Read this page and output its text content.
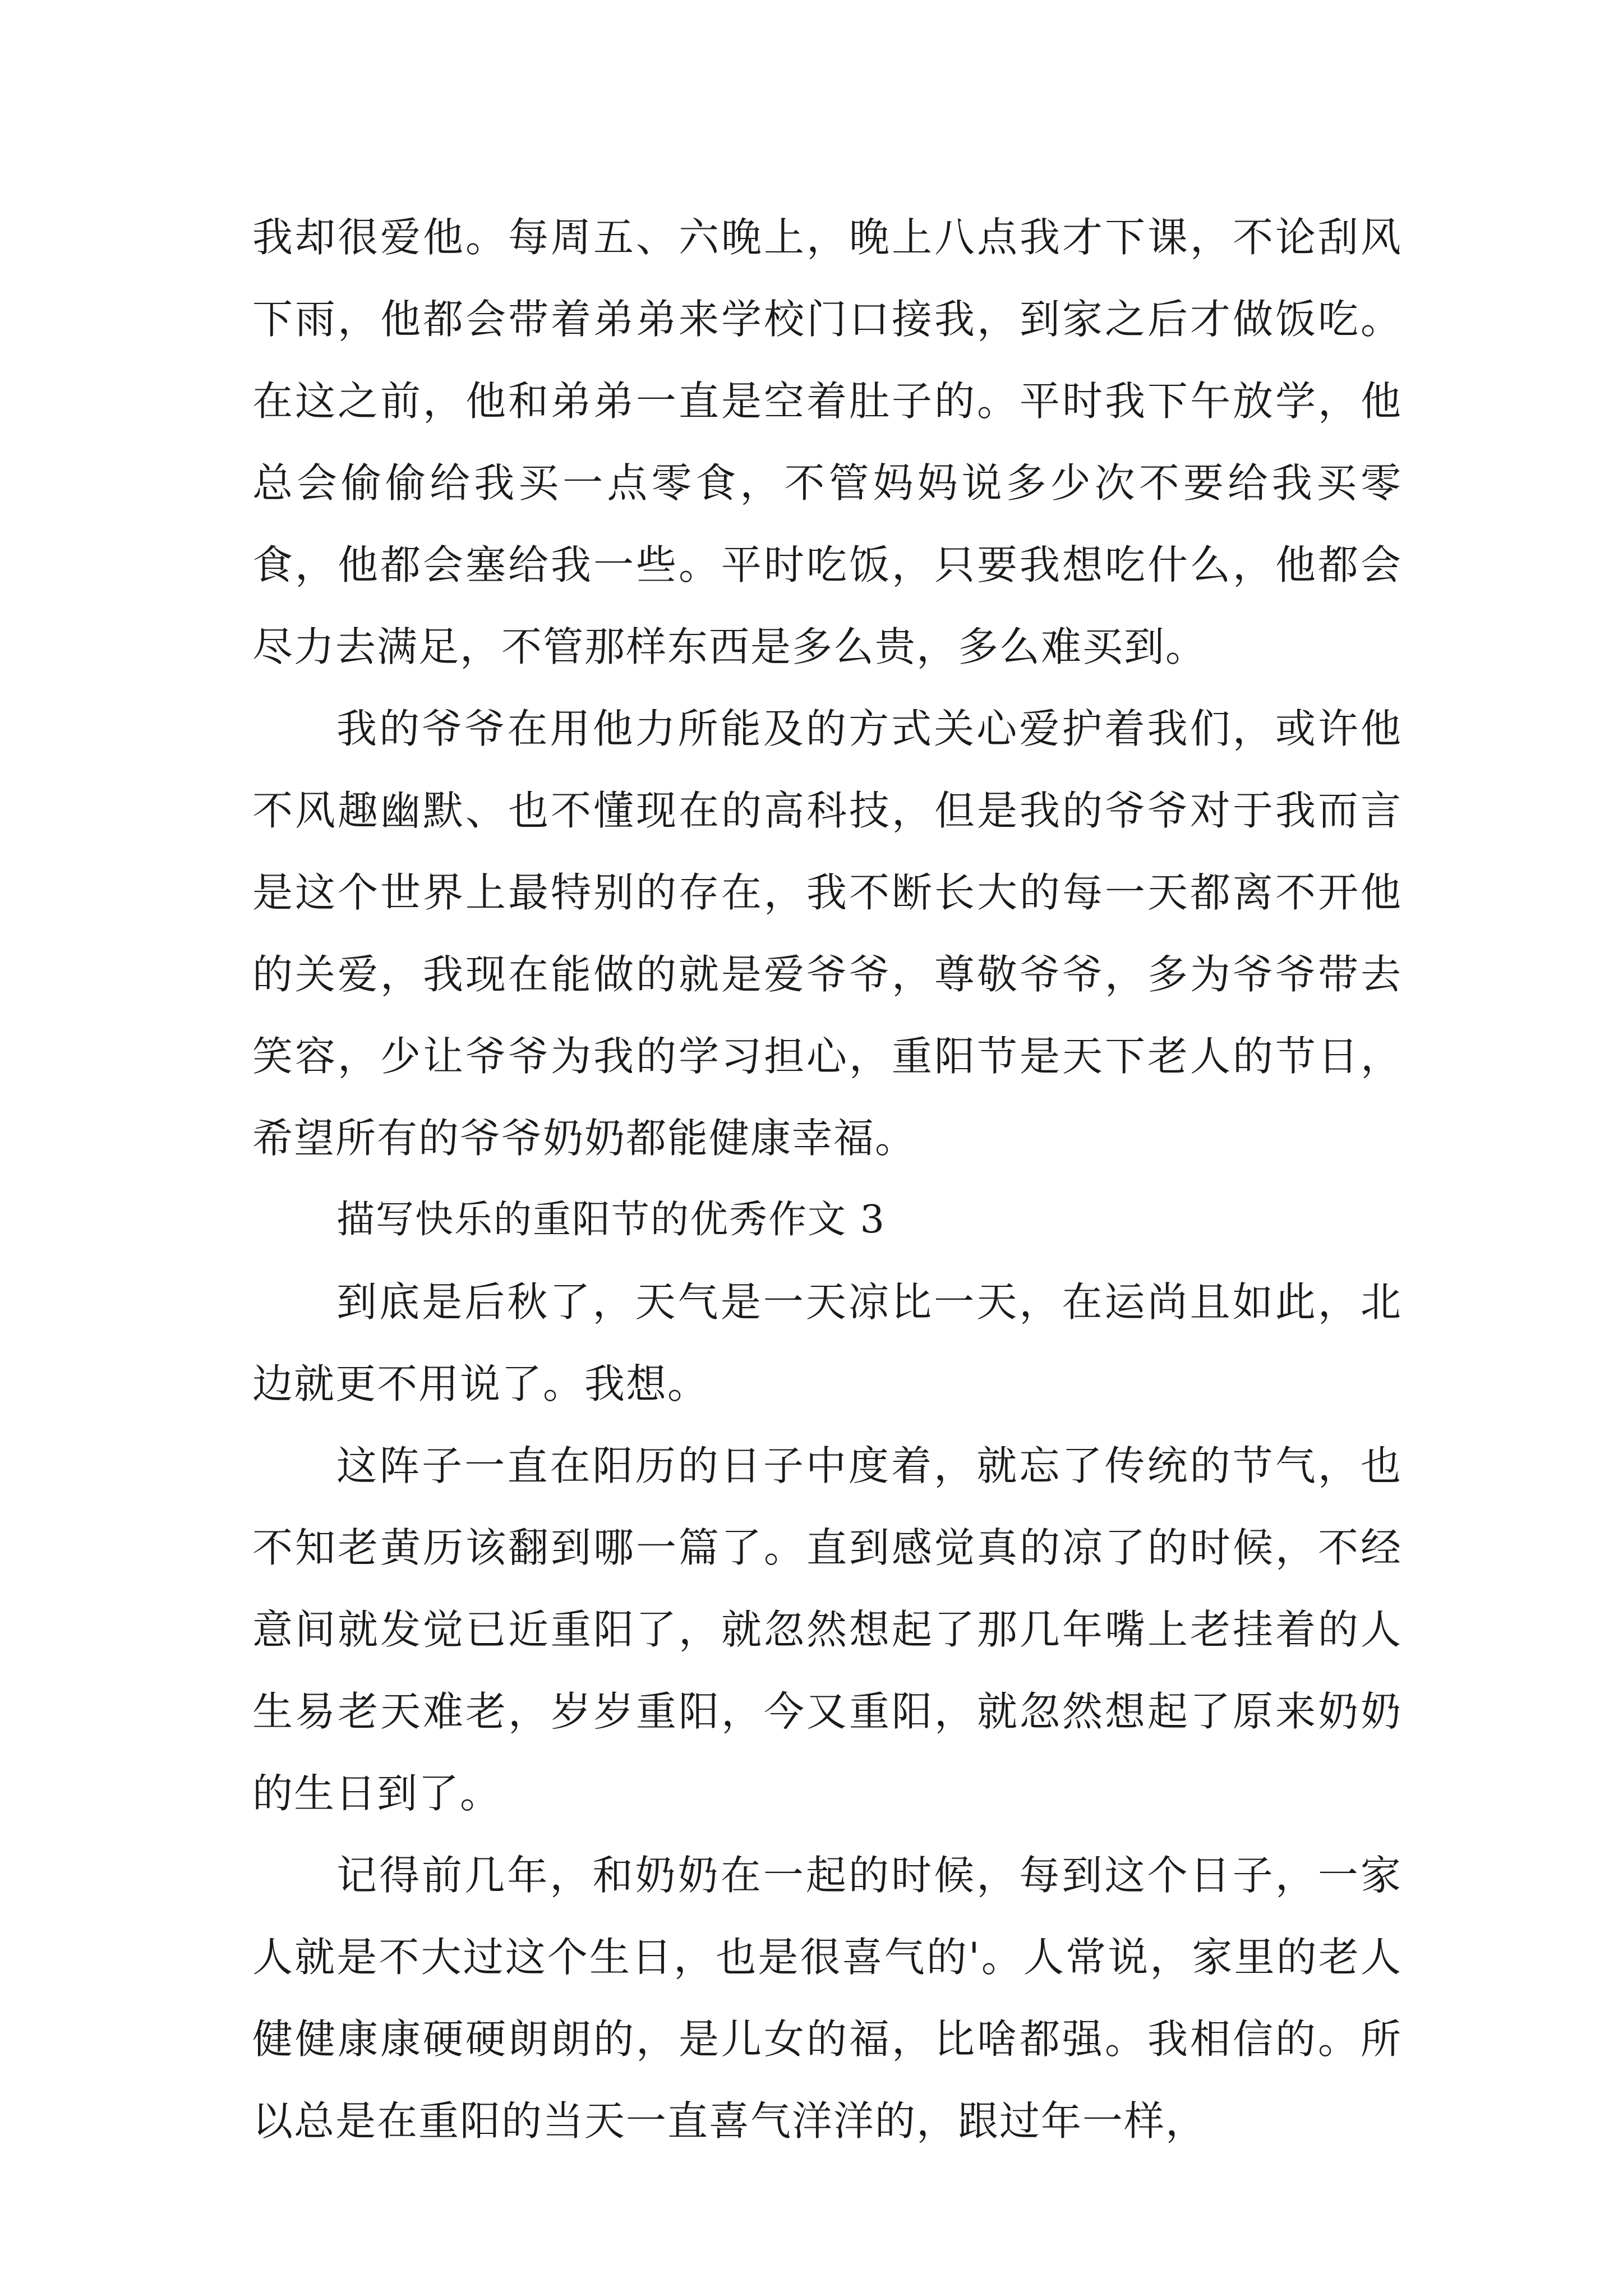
我却很爱他。每周五、六晚上，晚上八点我才下课，不论刮风下雨，他都会带着弟弟来学校门口接我，到家之后才做饭吃。在这之前，他和弟弟一直是空着肚子的。平时我下午放学，他总会偷偷给我买一点零食，不管妈妈说多少次不要给我买零食，他都会塞给我一些。平时吃饭，只要我想吃什么，他都会尽力去满足，不管那样东西是多么贵，多么难买到。

我的爷爷在用他力所能及的方式关心爱护着我们，或许他不风趣幽默、也不懂现在的高科技，但是我的爷爷对于我而言是这个世界上最特别的存在，我不断长大的每一天都离不开他的关爱，我现在能做的就是爱爷爷，尊敬爷爷，多为爷爷带去笑容，少让爷爷为我的学习担心，重阳节是天下老人的节日，希望所有的爷爷奶奶都能健康幸福。

描写快乐的重阳节的优秀作文 3

到底是后秋了，天气是一天凉比一天，在运尚且如此，北边就更不用说了。我想。

这阵子一直在阳历的日子中度着，就忘了传统的节气，也不知老黄历该翻到哪一篇了。直到感觉真的凉了的时候，不经意间就发觉已近重阳了，就忽然想起了那几年嘴上老挂着的人生易老天难老，岁岁重阳，今又重阳，就忽然想起了原来奶奶的生日到了。

记得前几年，和奶奶在一起的时候，每到这个日子，一家人就是不大过这个生日，也是很喜气的'。人常说，家里的老人健健康康硬硬朗朗的，是儿女的福，比啥都强。我相信的。所以总是在重阳的当天一直喜气洋洋的，跟过年一样，
